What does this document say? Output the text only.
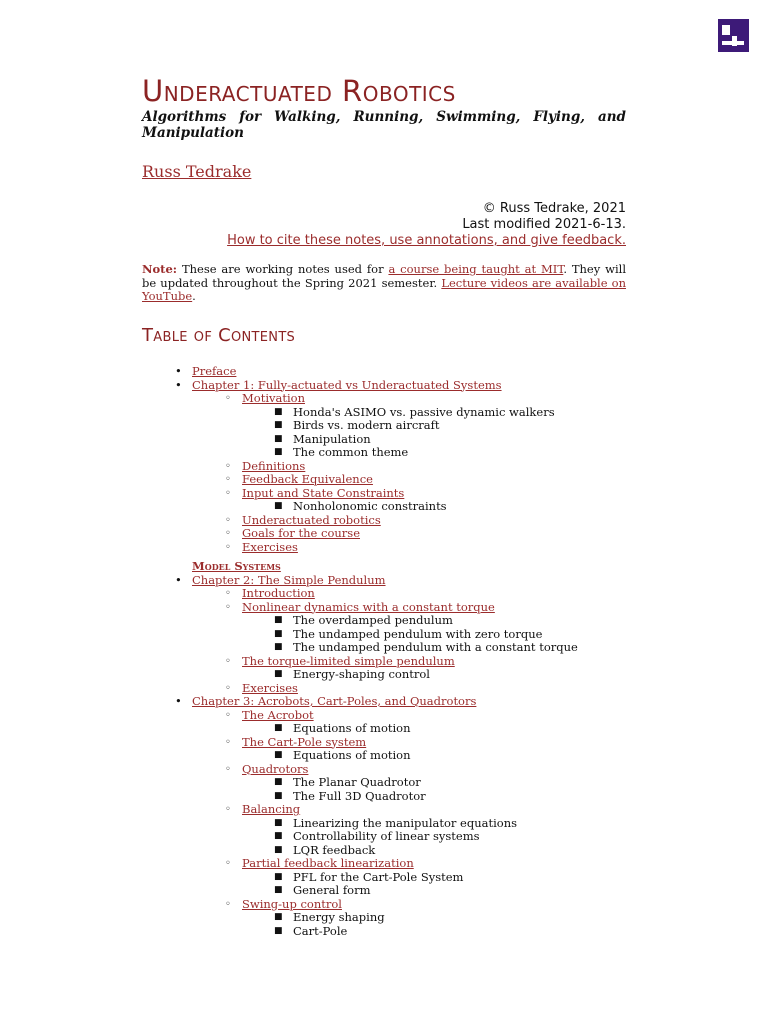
Underactuated Robotics
Algorithms for Walking, Running, Swimming, Flying, and Manipulation
Russ Tedrake
© Russ Tedrake, 2021
Last modified 2021-6-13.
How to cite these notes, use annotations, and give feedback.
Note: These are working notes used for a course being taught at MIT. They will be updated throughout the Spring 2021 semester. Lecture videos are available on YouTube.
Table of Contents
• Preface
• Chapter 1: Fully-actuated vs Underactuated Systems
◦ Motivation
■ Honda's ASIMO vs. passive dynamic walkers
■ Birds vs. modern aircraft
■ Manipulation
■ The common theme
◦ Definitions
◦ Feedback Equivalence
◦ Input and State Constraints
■ Nonholonomic constraints
◦ Underactuated robotics
◦ Goals for the course
◦ Exercises
Model Systems
• Chapter 2: The Simple Pendulum
◦ Introduction
◦ Nonlinear dynamics with a constant torque
■ The overdamped pendulum
■ The undamped pendulum with zero torque
■ The undamped pendulum with a constant torque
◦ The torque-limited simple pendulum
■ Energy-shaping control
◦ Exercises
• Chapter 3: Acrobots, Cart-Poles, and Quadrotors
◦ The Acrobot
■ Equations of motion
◦ The Cart-Pole system
■ Equations of motion
◦ Quadrotors
■ The Planar Quadrotor
■ The Full 3D Quadrotor
◦ Balancing
■ Linearizing the manipulator equations
■ Controllability of linear systems
■ LQR feedback
◦ Partial feedback linearization
■ PFL for the Cart-Pole System
■ General form
◦ Swing-up control
■ Energy shaping
■ Cart-Pole
